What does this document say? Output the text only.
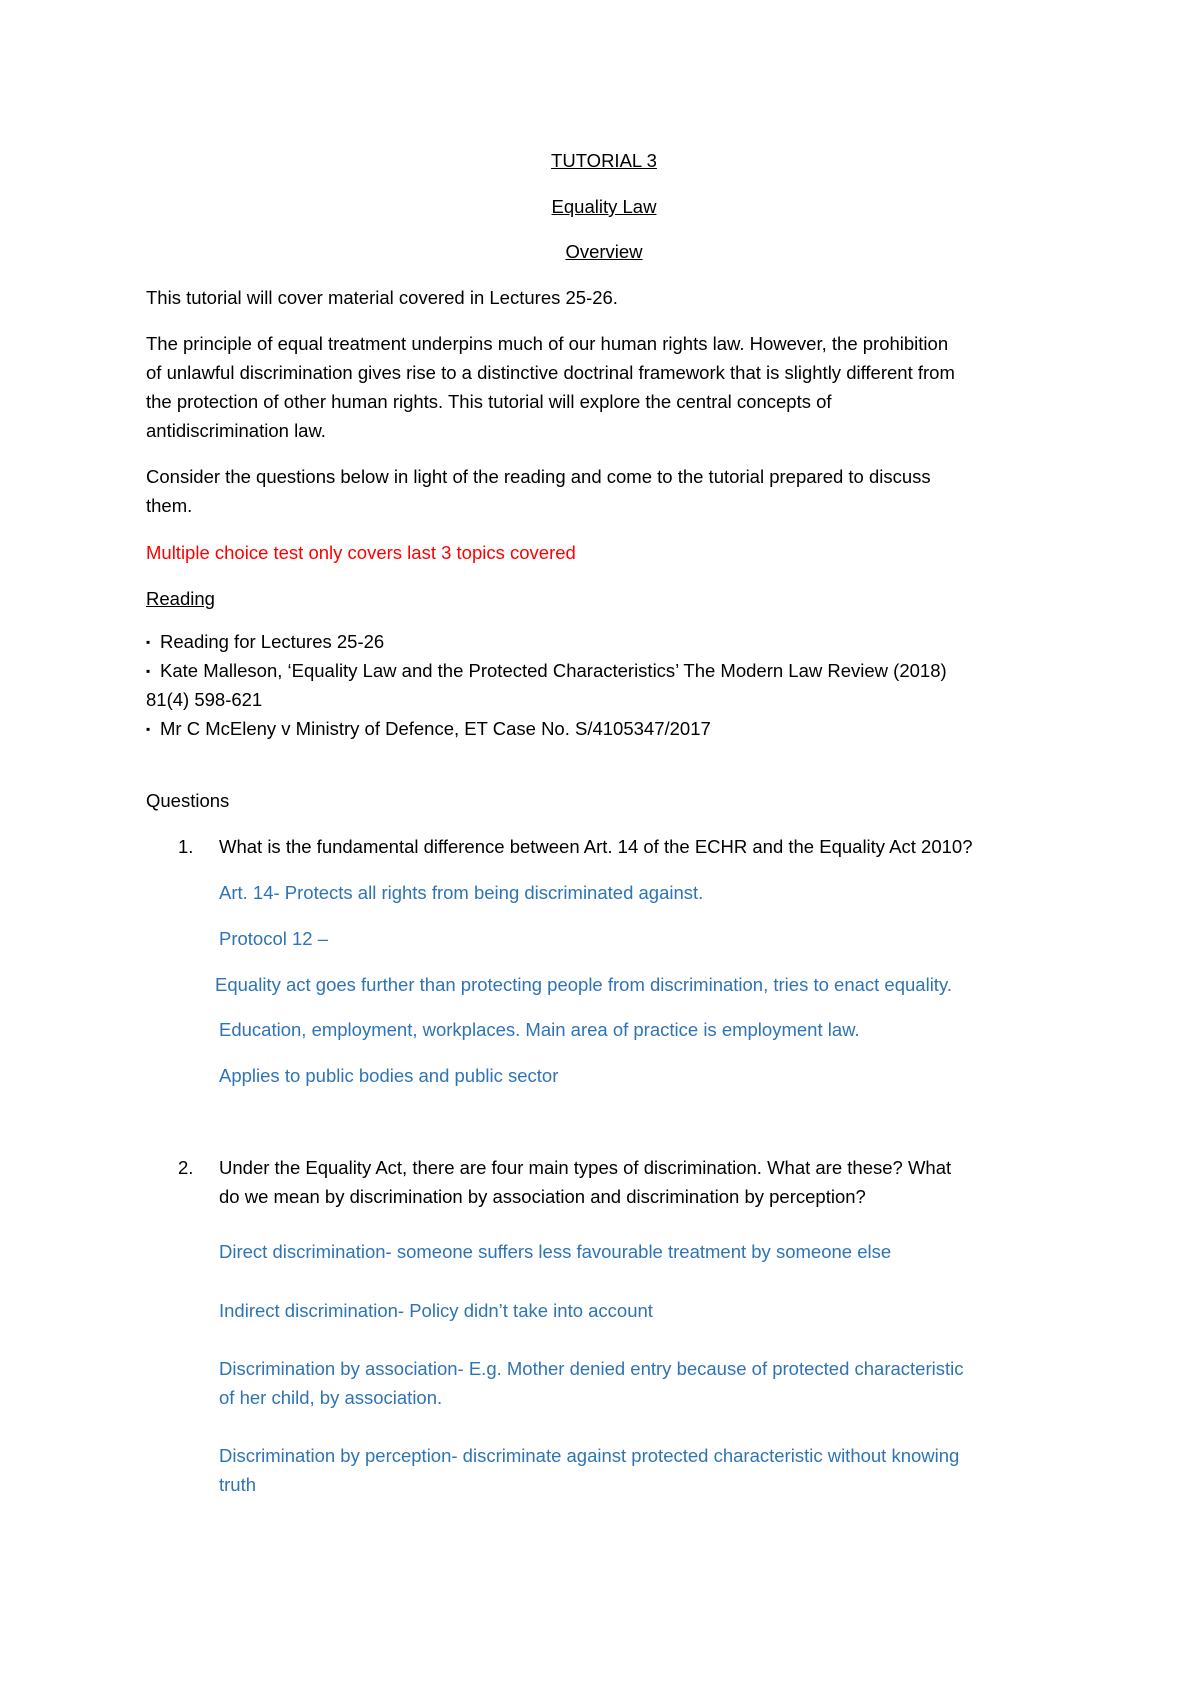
TUTORIAL 3
Equality Law
Overview
This tutorial will cover material covered in Lectures 25-26.
The principle of equal treatment underpins much of our human rights law. However, the prohibition
of unlawful discrimination gives rise to a distinctive doctrinal framework that is slightly different from
the protection of other human rights. This tutorial will explore the central concepts of
antidiscrimination law.
Consider the questions below in light of the reading and come to the tutorial prepared to discuss
them.
Multiple choice test only covers last 3 topics covered
Reading
▪ Reading for Lectures 25-26
▪ Kate Malleson, ‘Equality Law and the Protected Characteristics’ The Modern Law Review (2018)
81(4) 598-621
▪ Mr C McEleny v Ministry of Defence, ET Case No. S/4105347/2017
Questions
1. What is the fundamental difference between Art. 14 of the ECHR and the Equality Act 2010?
Art. 14- Protects all rights from being discriminated against.
Protocol 12 –
Equality act goes further than protecting people from discrimination, tries to enact equality.
Education, employment, workplaces. Main area of practice is employment law.
Applies to public bodies and public sector
2. Under the Equality Act, there are four main types of discrimination. What are these? What
do we mean by discrimination by association and discrimination by perception?
Direct discrimination- someone suffers less favourable treatment by someone else
Indirect discrimination- Policy didn’t take into account
Discrimination by association- E.g. Mother denied entry because of protected characteristic
of her child, by association.
Discrimination by perception- discriminate against protected characteristic without knowing
truth
